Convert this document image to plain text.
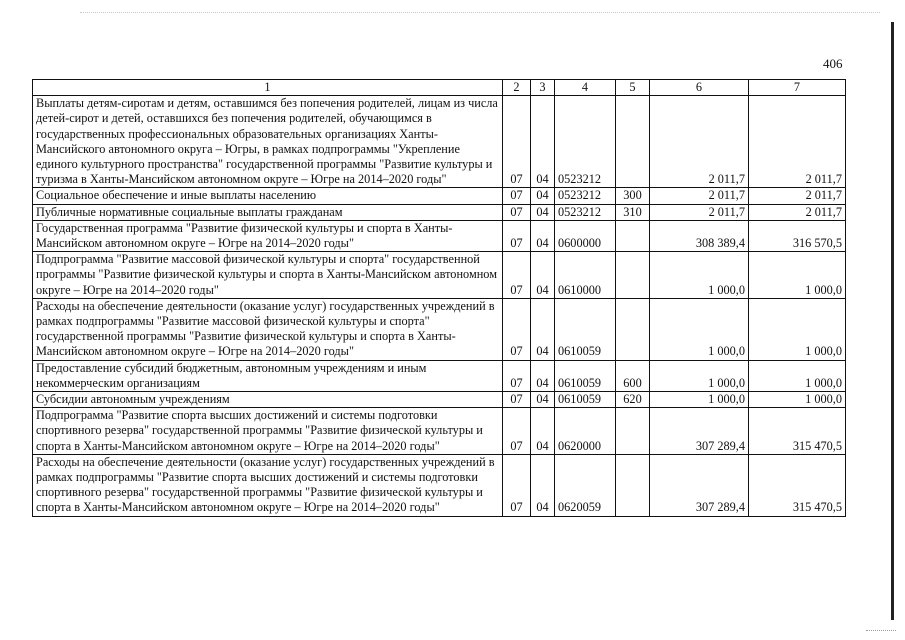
406
1	2	3	4	5	6	7
Выплаты детям-сиротам и детям, оставшимся без попечения родителей, лицам из числа детей-сирот и детей, оставшихся без попечения родителей, обучающимся в государственных профессиональных образовательных организациях Ханты-Мансийского автономного округа – Югры, в рамках подпрограммы "Укрепление единого культурного пространства" государственной программы "Развитие культуры и туризма в Ханты-Мансийском автономном округе – Югре на 2014–2020 годы"	07	04	0523212		2 011,7	2 011,7
Социальное обеспечение и иные выплаты населению	07	04	0523212	300	2 011,7	2 011,7
Публичные нормативные социальные выплаты гражданам	07	04	0523212	310	2 011,7	2 011,7
Государственная программа "Развитие физической культуры и спорта в Ханты-Мансийском автономном округе – Югре на 2014–2020 годы"	07	04	0600000		308 389,4	316 570,5
Подпрограмма "Развитие массовой физической культуры и спорта" государственной программы "Развитие физической культуры и спорта в Ханты-Мансийском автономном округе – Югре на 2014–2020 годы"	07	04	0610000		1 000,0	1 000,0
Расходы на обеспечение деятельности (оказание услуг) государственных учреждений в рамках подпрограммы "Развитие массовой физической культуры и спорта" государственной программы "Развитие физической культуры и спорта в Ханты-Мансийском автономном округе – Югре на 2014–2020 годы"	07	04	0610059		1 000,0	1 000,0
Предоставление субсидий бюджетным, автономным учреждениям и иным некоммерческим организациям	07	04	0610059	600	1 000,0	1 000,0
Субсидии автономным учреждениям	07	04	0610059	620	1 000,0	1 000,0
Подпрограмма "Развитие спорта высших достижений и системы подготовки спортивного резерва" государственной программы "Развитие физической культуры и спорта в Ханты-Мансийском автономном округе – Югре на 2014–2020 годы"	07	04	0620000		307 289,4	315 470,5
Расходы на обеспечение деятельности (оказание услуг) государственных учреждений в рамках подпрограммы "Развитие спорта высших достижений и системы подготовки спортивного резерва" государственной программы "Развитие физической культуры и спорта в Ханты-Мансийском автономном округе – Югре на 2014–2020 годы"	07	04	0620059		307 289,4	315 470,5
